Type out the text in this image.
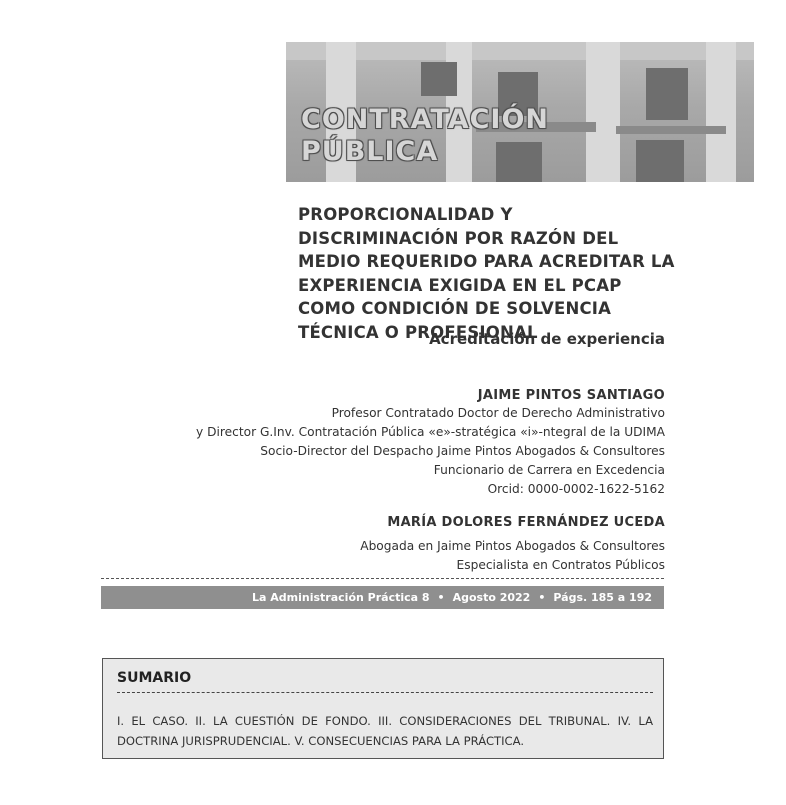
CONTRATACIÓN
PÚBLICA
PROPORCIONALIDAD Y DISCRIMINACIÓN POR RAZÓN DEL MEDIO REQUERIDO PARA ACREDITAR LA EXPERIENCIA EXIGIDA EN EL PCAP COMO CONDICIÓN DE SOLVENCIA TÉCNICA O PROFESIONAL
Acreditación de experiencia
JAIME PINTOS SANTIAGO
Profesor Contratado Doctor de Derecho Administrativo
y Director G.Inv. Contratación Pública «e»-stratégica «i»-ntegral de la UDIMA
Socio-Director del Despacho Jaime Pintos Abogados & Consultores
Funcionario de Carrera en Excedencia
Orcid: 0000-0002-1622-5162
MARÍA DOLORES FERNÁNDEZ UCEDA
Abogada en Jaime Pintos Abogados & Consultores
Especialista en Contratos Públicos
La Administración Práctica 8 • Agosto 2022 • Págs. 185 a 192
SUMARIO
I. EL CASO. II. LA CUESTIÓN DE FONDO. III. CONSIDERACIONES DEL TRIBUNAL. IV. LA DOCTRINA JURISPRUDENCIAL. V. CONSECUENCIAS PARA LA PRÁCTICA.
